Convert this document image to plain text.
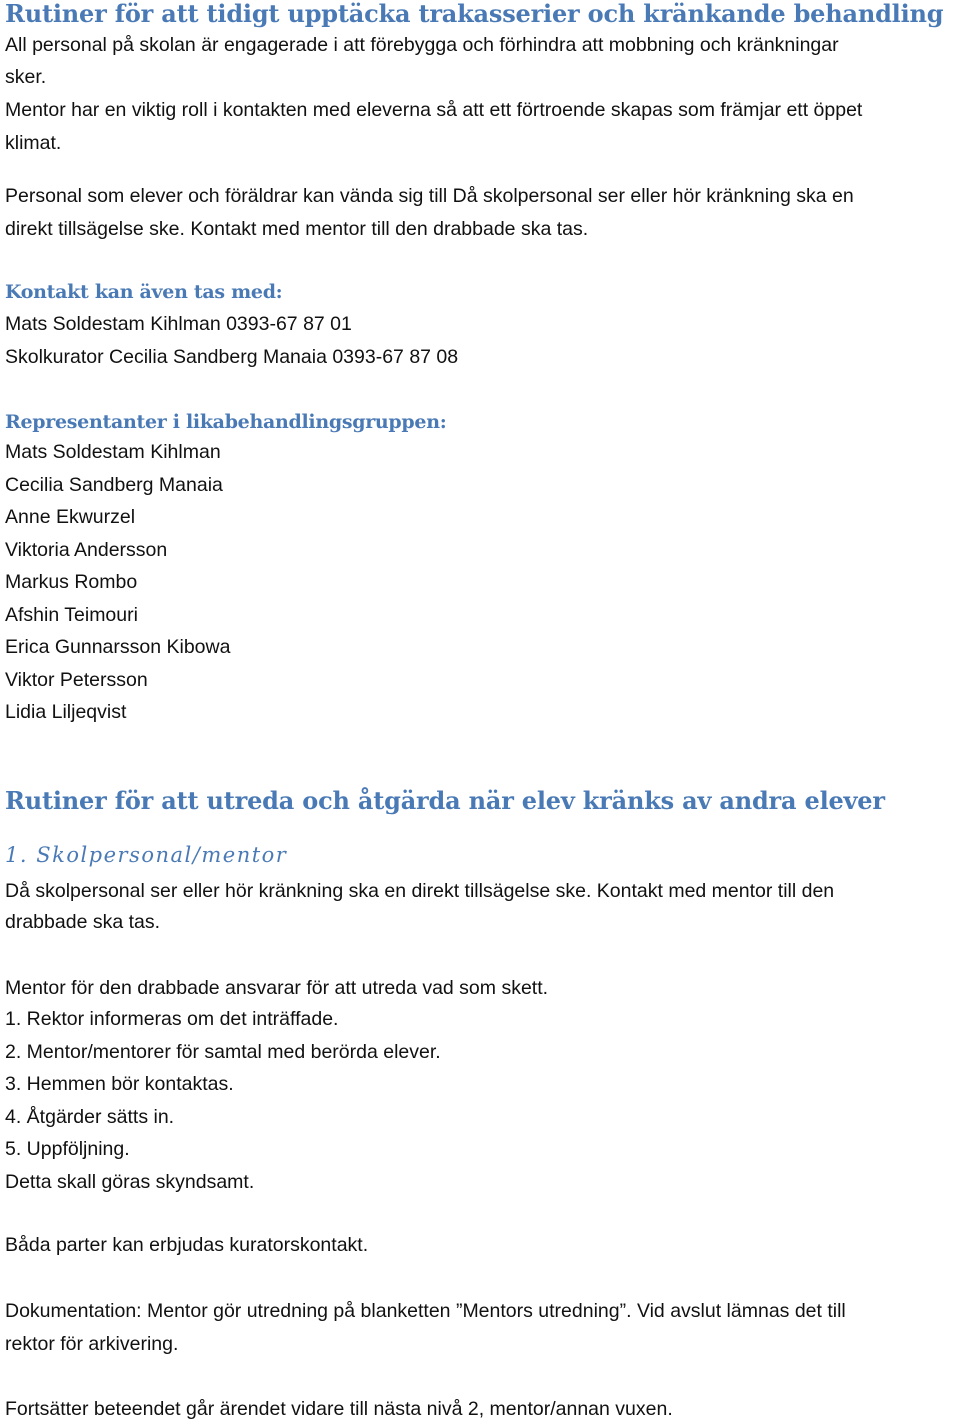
Rutiner för att tidigt upptäcka trakasserier och kränkande behandling
All personal på skolan är engagerade i att förebygga och förhindra att mobbning och kränkningar
sker.
Mentor har en viktig roll i kontakten med eleverna så att ett förtroende skapas som främjar ett öppet
klimat.
Personal som elever och föräldrar kan vända sig till Då skolpersonal ser eller hör kränkning ska en
direkt tillsägelse ske. Kontakt med mentor till den drabbade ska tas.
Kontakt kan även tas med:
Mats Soldestam Kihlman 0393-67 87 01
Skolkurator Cecilia Sandberg Manaia 0393-67 87 08
Representanter i likabehandlingsgruppen:
Mats Soldestam Kihlman
Cecilia Sandberg Manaia
Anne Ekwurzel
Viktoria Andersson
Markus Rombo
Afshin Teimouri
Erica Gunnarsson Kibowa
Viktor Petersson
Lidia Liljeqvist
Rutiner för att utreda och åtgärda när elev kränks av andra elever
1. Skolpersonal/mentor
Då skolpersonal ser eller hör kränkning ska en direkt tillsägelse ske. Kontakt med mentor till den
drabbade ska tas.
Mentor för den drabbade ansvarar för att utreda vad som skett.
1. Rektor informeras om det inträffade.
2. Mentor/mentorer för samtal med berörda elever.
3. Hemmen bör kontaktas.
4. Åtgärder sätts in.
5. Uppföljning.
Detta skall göras skyndsamt.
Båda parter kan erbjudas kuratorskontakt.
Dokumentation: Mentor gör utredning på blanketten ”Mentors utredning”. Vid avslut lämnas det till
rektor för arkivering.
Fortsätter beteendet går ärendet vidare till nästa nivå 2, mentor/annan vuxen.
